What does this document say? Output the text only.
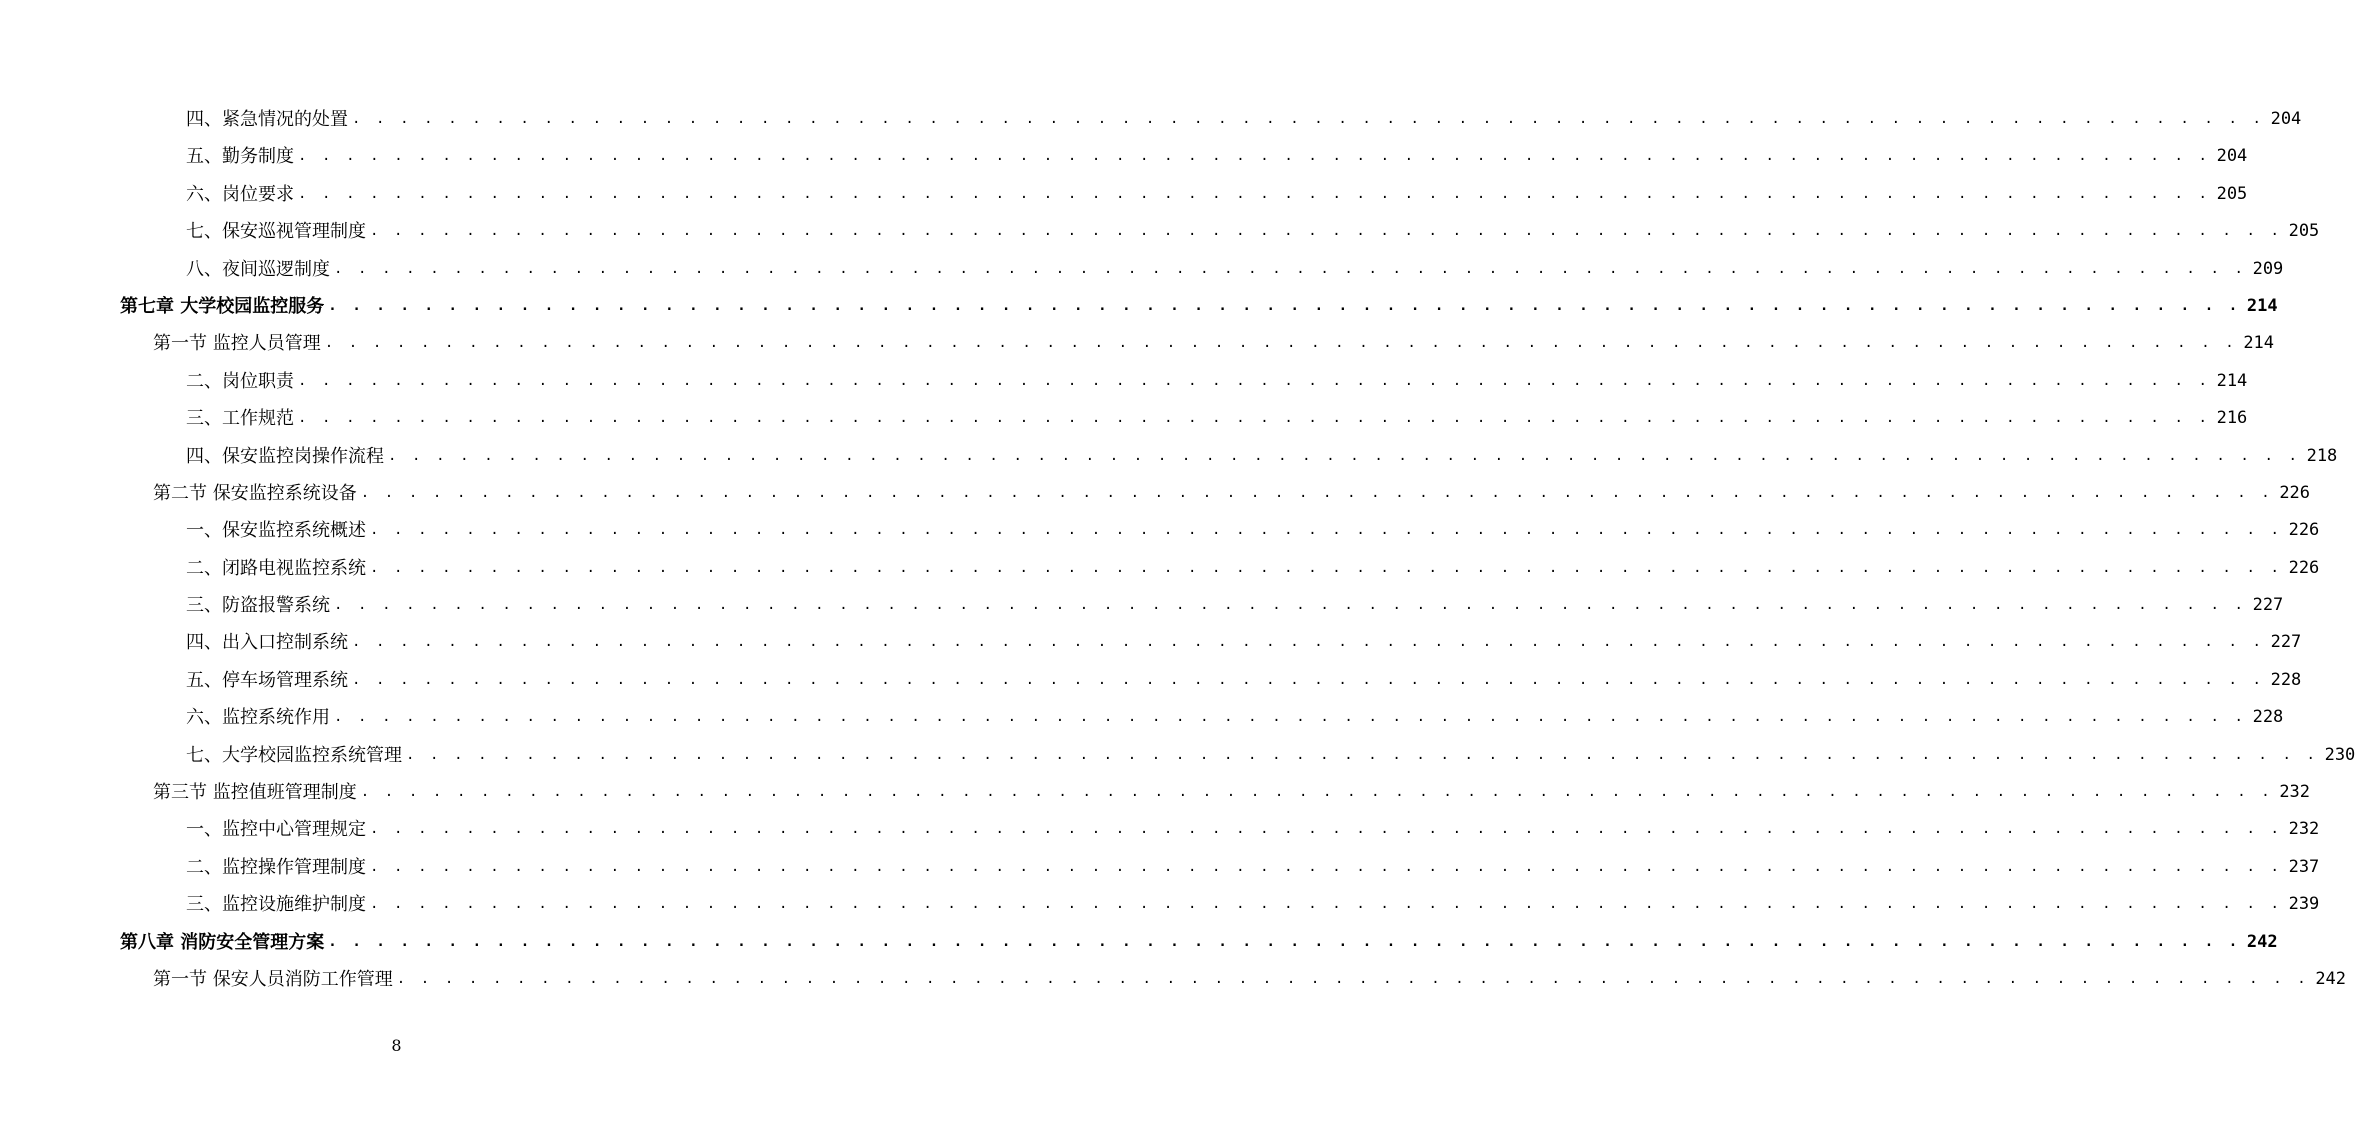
四、紧急情况的处置 . . . . . . . . . . . . . . . . . . . . . . . . . . . . . . . . . . . . . . . . . . . . . . . . . . . . . . . . . . . . . . . . . . . . . . . . . . . . . . . . 204
五、勤务制度 . . . . . . . . . . . . . . . . . . . . . . . . . . . . . . . . . . . . . . . . . . . . . . . . . . . . . . . . . . . . . . . . . . . . . . . . . . . . . . . . 204
六、岗位要求 . . . . . . . . . . . . . . . . . . . . . . . . . . . . . . . . . . . . . . . . . . . . . . . . . . . . . . . . . . . . . . . . . . . . . . . . . . . . . . . . 205
七、保安巡视管理制度 . . . . . . . . . . . . . . . . . . . . . . . . . . . . . . . . . . . . . . . . . . . . . . . . . . . . . . . . . . . . . . . . . . . . . . . . . . . . . . . . 205
八、夜间巡逻制度 . . . . . . . . . . . . . . . . . . . . . . . . . . . . . . . . . . . . . . . . . . . . . . . . . . . . . . . . . . . . . . . . . . . . . . . . . . . . . . . . 209
第七章 大学校园监控服务 . . . . . . . . . . . . . . . . . . . . . . . . . . . . . . . . . . . . . . . . . . . . . . . . . . . . . . . . . . . . . . . . . . . . . . . . . . . . . . . . 214
第一节 监控人员管理 . . . . . . . . . . . . . . . . . . . . . . . . . . . . . . . . . . . . . . . . . . . . . . . . . . . . . . . . . . . . . . . . . . . . . . . . . . . . . . . . 214
二、岗位职责 . . . . . . . . . . . . . . . . . . . . . . . . . . . . . . . . . . . . . . . . . . . . . . . . . . . . . . . . . . . . . . . . . . . . . . . . . . . . . . . . 214
三、工作规范 . . . . . . . . . . . . . . . . . . . . . . . . . . . . . . . . . . . . . . . . . . . . . . . . . . . . . . . . . . . . . . . . . . . . . . . . . . . . . . . . 216
四、保安监控岗操作流程 . . . . . . . . . . . . . . . . . . . . . . . . . . . . . . . . . . . . . . . . . . . . . . . . . . . . . . . . . . . . . . . . . . . . . . . . . . . . . . . . 218
第二节 保安监控系统设备 . . . . . . . . . . . . . . . . . . . . . . . . . . . . . . . . . . . . . . . . . . . . . . . . . . . . . . . . . . . . . . . . . . . . . . . . . . . . . . . . 226
一、保安监控系统概述 . . . . . . . . . . . . . . . . . . . . . . . . . . . . . . . . . . . . . . . . . . . . . . . . . . . . . . . . . . . . . . . . . . . . . . . . . . . . . . . . 226
二、闭路电视监控系统 . . . . . . . . . . . . . . . . . . . . . . . . . . . . . . . . . . . . . . . . . . . . . . . . . . . . . . . . . . . . . . . . . . . . . . . . . . . . . . . . 226
三、防盗报警系统 . . . . . . . . . . . . . . . . . . . . . . . . . . . . . . . . . . . . . . . . . . . . . . . . . . . . . . . . . . . . . . . . . . . . . . . . . . . . . . . . 227
四、出入口控制系统 . . . . . . . . . . . . . . . . . . . . . . . . . . . . . . . . . . . . . . . . . . . . . . . . . . . . . . . . . . . . . . . . . . . . . . . . . . . . . . . . 227
五、停车场管理系统 . . . . . . . . . . . . . . . . . . . . . . . . . . . . . . . . . . . . . . . . . . . . . . . . . . . . . . . . . . . . . . . . . . . . . . . . . . . . . . . . 228
六、监控系统作用 . . . . . . . . . . . . . . . . . . . . . . . . . . . . . . . . . . . . . . . . . . . . . . . . . . . . . . . . . . . . . . . . . . . . . . . . . . . . . . . . 228
七、大学校园监控系统管理 . . . . . . . . . . . . . . . . . . . . . . . . . . . . . . . . . . . . . . . . . . . . . . . . . . . . . . . . . . . . . . . . . . . . . . . . . . . . . . . . 230
第三节 监控值班管理制度 . . . . . . . . . . . . . . . . . . . . . . . . . . . . . . . . . . . . . . . . . . . . . . . . . . . . . . . . . . . . . . . . . . . . . . . . . . . . . . . . 232
一、监控中心管理规定 . . . . . . . . . . . . . . . . . . . . . . . . . . . . . . . . . . . . . . . . . . . . . . . . . . . . . . . . . . . . . . . . . . . . . . . . . . . . . . . . 232
二、监控操作管理制度 . . . . . . . . . . . . . . . . . . . . . . . . . . . . . . . . . . . . . . . . . . . . . . . . . . . . . . . . . . . . . . . . . . . . . . . . . . . . . . . . 237
三、监控设施维护制度 . . . . . . . . . . . . . . . . . . . . . . . . . . . . . . . . . . . . . . . . . . . . . . . . . . . . . . . . . . . . . . . . . . . . . . . . . . . . . . . . 239
第八章 消防安全管理方案 . . . . . . . . . . . . . . . . . . . . . . . . . . . . . . . . . . . . . . . . . . . . . . . . . . . . . . . . . . . . . . . . . . . . . . . . . . . . . . . . 242
第一节 保安人员消防工作管理 . . . . . . . . . . . . . . . . . . . . . . . . . . . . . . . . . . . . . . . . . . . . . . . . . . . . . . . . . . . . . . . . . . . . . . . . . . . . . . . . 242
8
